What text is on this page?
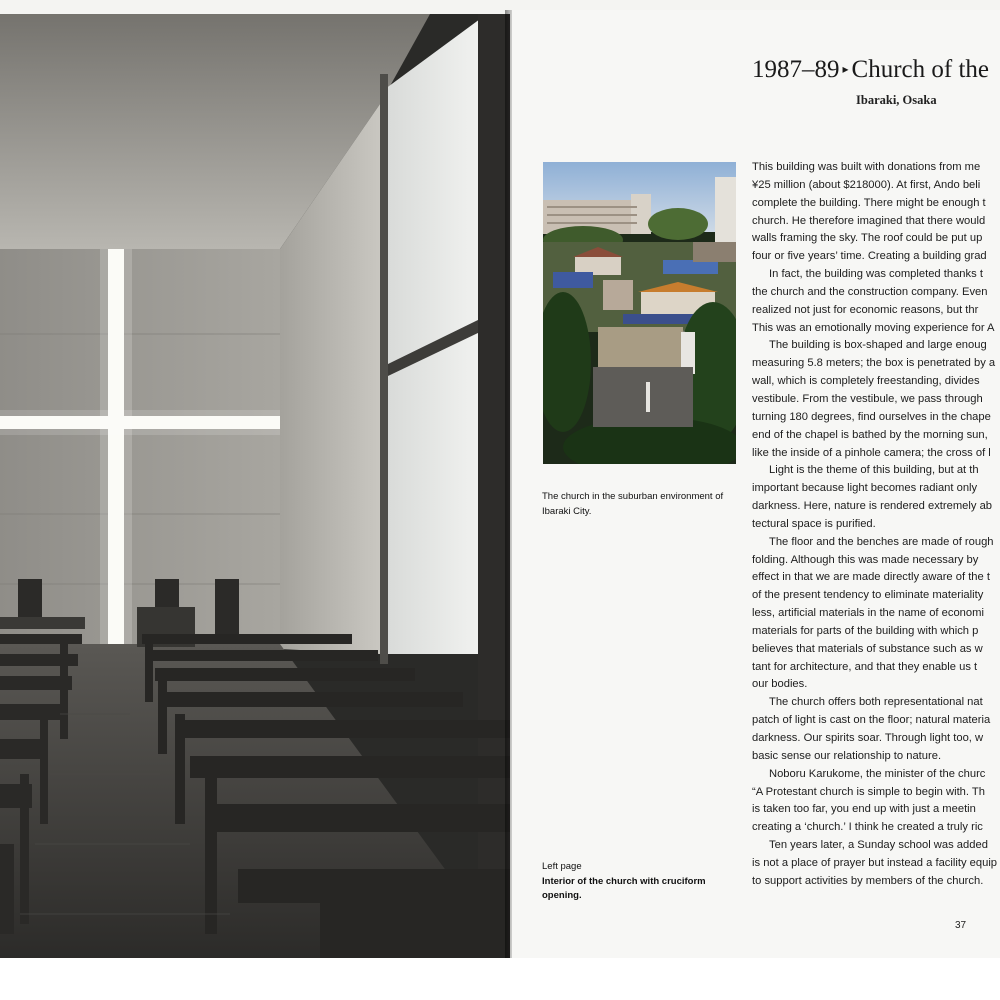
1987–89 ▸ Church of the
Ibaraki, Osaka
The church in the suburban environment of Ibaraki City.
Left page
Interior of the church with cruciform opening.
This building was built with donations from me
¥25 million (about $218000). At first, Ando beli
complete the building. There might be enough t
church. He therefore imagined that there would
walls framing the sky. The roof could be put up
four or five years’ time. Creating a building grad
In fact, the building was completed thanks t
the church and the construction company. Even
realized not just for economic reasons, but thr
This was an emotionally moving experience for A
The building is box-shaped and large enoug
measuring 5.8 meters; the box is penetrated by a
wall, which is completely freestanding, divides
vestibule. From the vestibule, we pass through
turning 180 degrees, find ourselves in the chape
end of the chapel is bathed by the morning sun,
like the inside of a pinhole camera; the cross of l
Light is the theme of this building, but at th
important because light becomes radiant only
darkness. Here, nature is rendered extremely ab
tectural space is purified.
The floor and the benches are made of rough
folding. Although this was made necessary by
effect in that we are made directly aware of the t
of the present tendency to eliminate materiality
less, artificial materials in the name of economi
materials for parts of the building with which p
believes that materials of substance such as w
tant for architecture, and that they enable us t
our bodies.
The church offers both representational nat
patch of light is cast on the floor; natural materia
darkness. Our spirits soar. Through light too, w
basic sense our relationship to nature.
Noboru Karukome, the minister of the churc
“A Protestant church is simple to begin with. Th
is taken too far, you end up with just a meetin
creating a ‘church.’ I think he created a truly ric
Ten years later, a Sunday school was added
is not a place of prayer but instead a facility equip
to support activities by members of the church.
37
